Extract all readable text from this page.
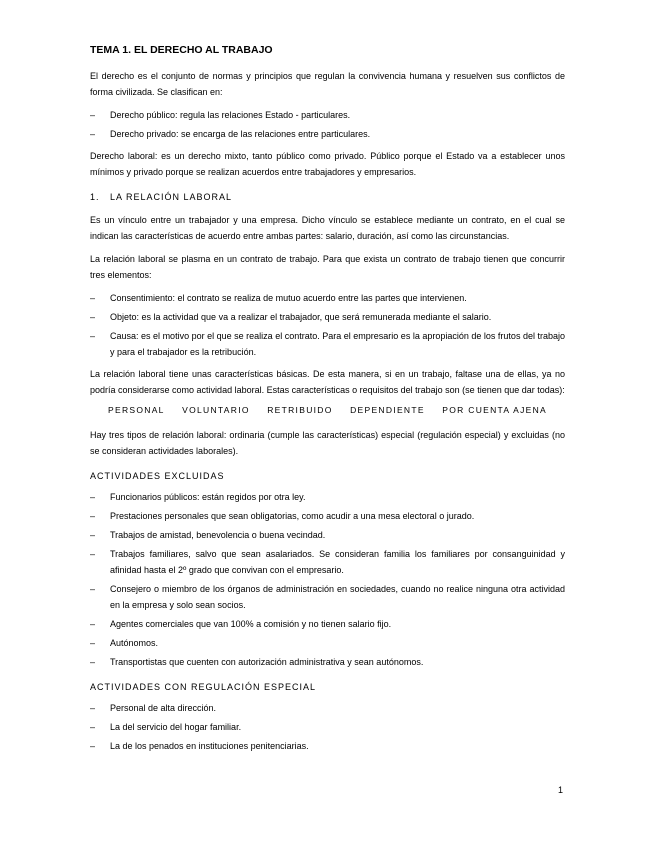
TEMA 1. EL DERECHO AL TRABAJO

El derecho es el conjunto de normas y principios que regulan la convivencia humana y resuelven sus conflictos de forma civilizada. Se clasifican en:

– Derecho público: regula las relaciones Estado - particulares.
– Derecho privado: se encarga de las relaciones entre particulares.

Derecho laboral: es un derecho mixto, tanto público como privado. Público porque el Estado va a establecer unos mínimos y privado porque se realizan acuerdos entre trabajadores y empresarios.

1. LA RELACIÓN LABORAL

Es un vínculo entre un trabajador y una empresa. Dicho vínculo se establece mediante un contrato, en el cual se indican las características de acuerdo entre ambas partes: salario, duración, así como las circunstancias.

La relación laboral se plasma en un contrato de trabajo. Para que exista un contrato de trabajo tienen que concurrir tres elementos:

– Consentimiento: el contrato se realiza de mutuo acuerdo entre las partes que intervienen.
– Objeto: es la actividad que va a realizar el trabajador, que será remunerada mediante el salario.
– Causa: es el motivo por el que se realiza el contrato. Para el empresario es la apropiación de los frutos del trabajo y para el trabajador es la retribución.

La relación laboral tiene unas características básicas. De esta manera, si en un trabajo, faltase una de ellas, ya no podría considerarse como actividad laboral. Estas características o requisitos del trabajo son (se tienen que dar todas):

PERSONAL VOLUNTARIO RETRIBUIDO DEPENDIENTE POR CUENTA AJENA

Hay tres tipos de relación laboral: ordinaria (cumple las características) especial (regulación especial) y excluidas (no se consideran actividades laborales).

ACTIVIDADES EXCLUIDAS
– Funcionarios públicos: están regidos por otra ley.
– Prestaciones personales que sean obligatorias, como acudir a una mesa electoral o jurado.
– Trabajos de amistad, benevolencia o buena vecindad.
– Trabajos familiares, salvo que sean asalariados. Se consideran familia los familiares por consanguinidad y afinidad hasta el 2º grado que convivan con el empresario.
– Consejero o miembro de los órganos de administración en sociedades, cuando no realice ninguna otra actividad en la empresa y solo sean socios.
– Agentes comerciales que van 100% a comisión y no tienen salario fijo.
– Autónomos.
– Transportistas que cuenten con autorización administrativa y sean autónomos.
ACTIVIDADES CON REGULACIÓN ESPECIAL
– Personal de alta dirección.
– La del servicio del hogar familiar.
– La de los penados en instituciones penitenciarias.
1
